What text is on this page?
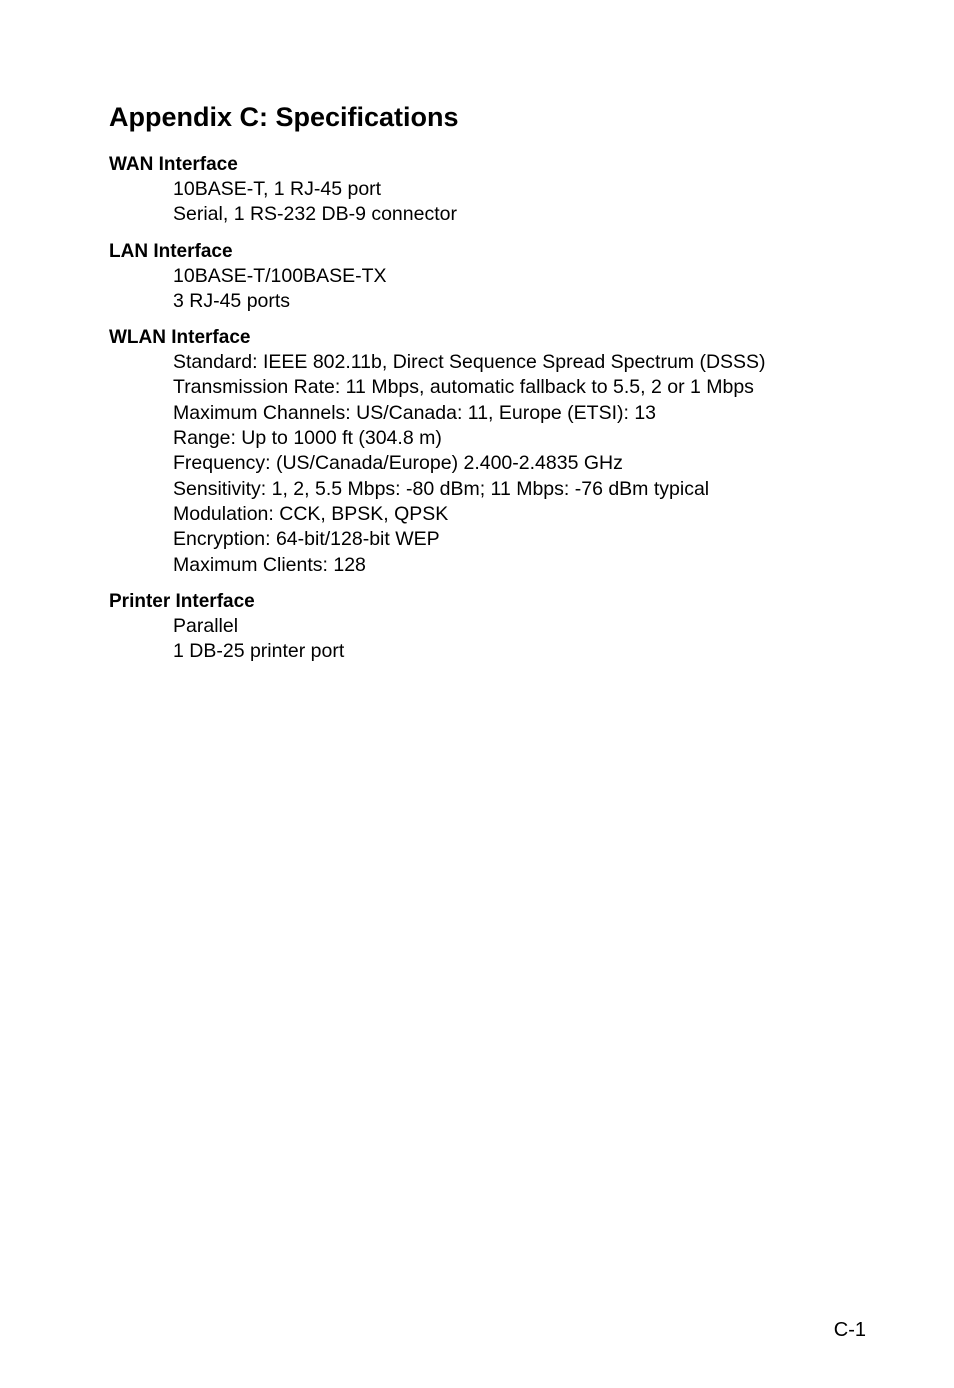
Appendix C: Specifications
WAN Interface
10BASE-T, 1 RJ-45 port
Serial, 1 RS-232 DB-9 connector
LAN Interface
10BASE-T/100BASE-TX
3 RJ-45 ports
WLAN Interface
Standard: IEEE 802.11b, Direct Sequence Spread Spectrum (DSSS)
Transmission Rate: 11 Mbps, automatic fallback to 5.5, 2 or 1 Mbps
Maximum Channels: US/Canada: 11, Europe (ETSI): 13
Range: Up to 1000 ft (304.8 m)
Frequency: (US/Canada/Europe) 2.400-2.4835 GHz
Sensitivity: 1, 2, 5.5 Mbps: -80 dBm; 11 Mbps: -76 dBm typical
Modulation: CCK, BPSK, QPSK
Encryption: 64-bit/128-bit WEP
Maximum Clients: 128
Printer Interface
Parallel
1 DB-25 printer port
C-1
